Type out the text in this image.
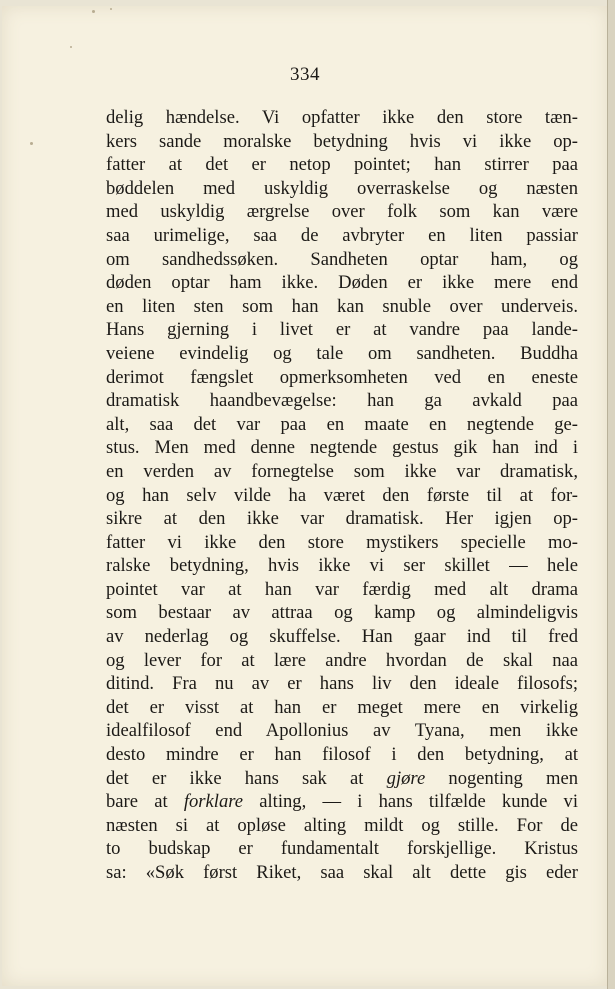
334
delig hændelse. Vi opfatter ikke den store tæn-
kers sande moralske betydning hvis vi ikke op-
fatter at det er netop pointet; han stirrer paa
bøddelen med uskyldig overraskelse og næsten
med uskyldig ærgrelse over folk som kan være
saa urimelige, saa de avbryter en liten passiar
om sandhedssøken. Sandheten optar ham, og
døden optar ham ikke. Døden er ikke mere end
en liten sten som han kan snuble over underveis.
Hans gjerning i livet er at vandre paa lande-
veiene evindelig og tale om sandheten. Buddha
derimot fængslet opmerksomheten ved en eneste
dramatisk haandbevægelse: han ga avkald paa
alt, saa det var paa en maate en negtende ge-
stus. Men med denne negtende gestus gik han ind i
en verden av fornegtelse som ikke var dramatisk,
og han selv vilde ha været den første til at for-
sikre at den ikke var dramatisk. Her igjen op-
fatter vi ikke den store mystikers specielle mo-
ralske betydning, hvis ikke vi ser skillet — hele
pointet var at han var færdig med alt drama
som bestaar av attraa og kamp og almindeligvis
av nederlag og skuffelse. Han gaar ind til fred
og lever for at lære andre hvordan de skal naa
ditind. Fra nu av er hans liv den ideale filosofs;
det er visst at han er meget mere en virkelig
idealfilosof end Apollonius av Tyana, men ikke
desto mindre er han filosof i den betydning, at
det er ikke hans sak at gjøre nogenting men
bare at forklare alting, — i hans tilfælde kunde vi
næsten si at opløse alting mildt og stille. For de
to budskap er fundamentalt forskjellige. Kristus
sa: «Søk først Riket, saa skal alt dette gis eder
